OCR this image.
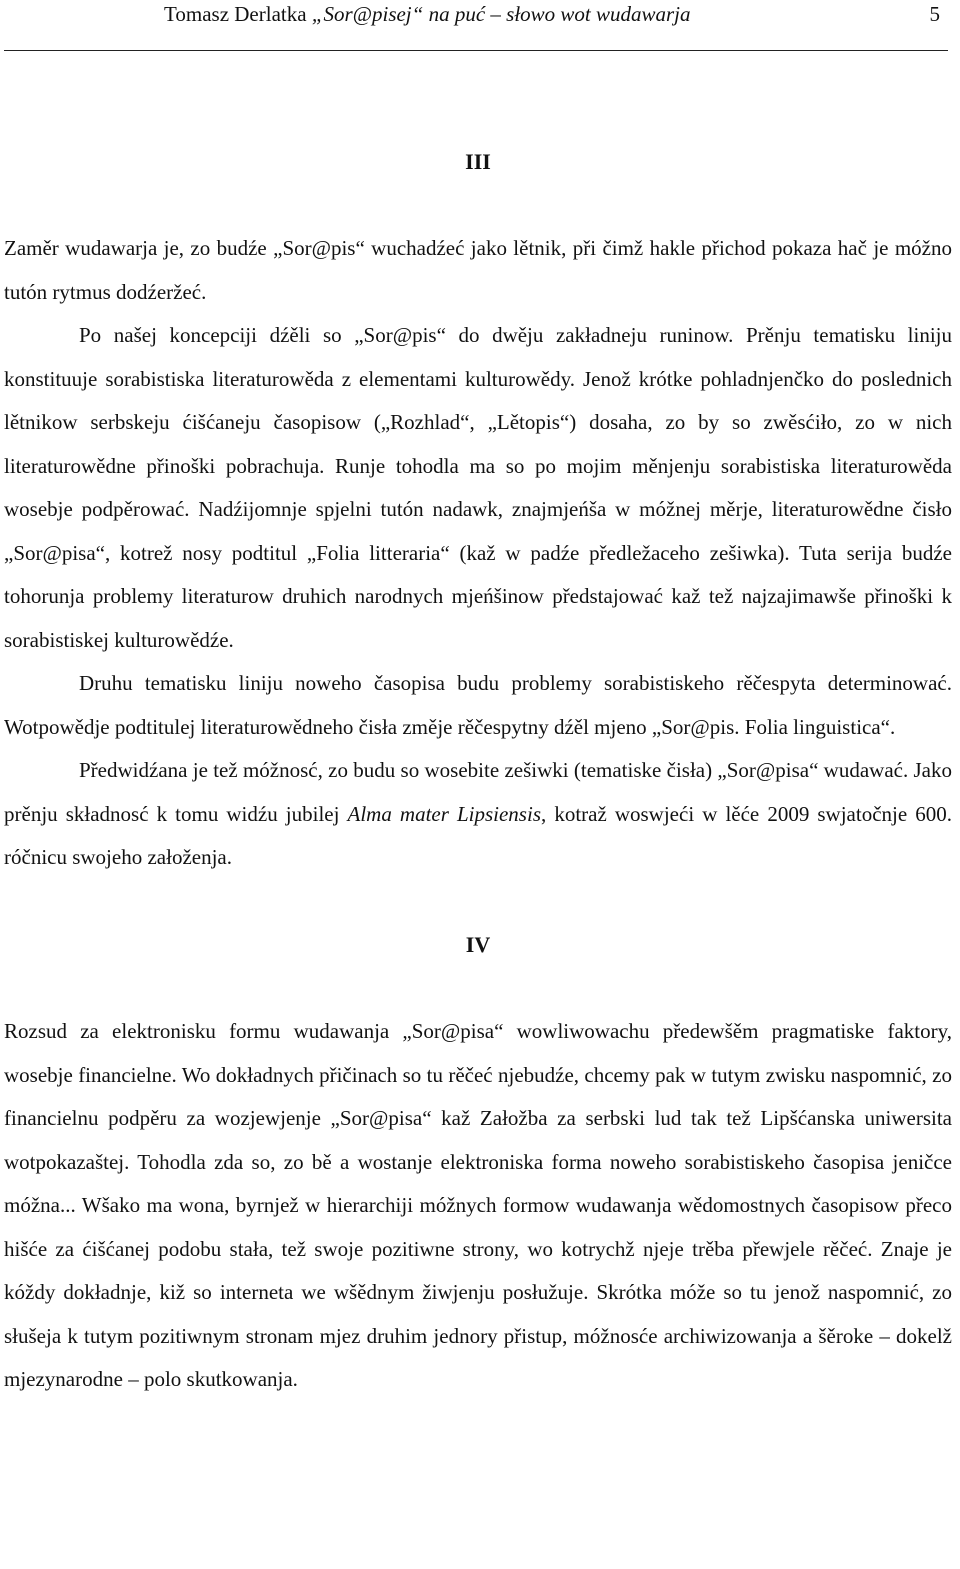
Tomasz Derlatka „Sor@pisej“ na puć – słowo wot wudawarja	5
III

Zaměr wudawarja je, zo budźe „Sor@pis“ wuchadźeć jako lětnik, při čimž hakle přichod pokaza hač je móžno tutón rytmus dodźeržeć.

Po našej koncepciji dźěli so „Sor@pis“ do dwěju zakładneju runinow. Prěnju tematisku liniju konstituuje sorabistiska literaturowěda z elementami kulturowědy. Jenož krótke pohladnjenčko do poslednich lětnikow serbskeju ćišćaneju časopisow („Rozhlad“, „Lětopis“) dosaha, zo by so zwěsćiło, zo w nich literaturowědne přinoški pobrachuja. Runje tohodla ma so po mojim měnjenju sorabistiska literaturowěda wosebje podpěrować. Nadźijomnje spjelni tutón nadawk, znajmjeńša w móžnej měrje, literaturowědne čisło „Sor@pisa“, kotrež nosy podtitul „Folia litteraria“ (kaž w padźe předležaceho zešiwka). Tuta serija budźe tohorunja problemy literaturow druhich narodnych mjeńšinow předstajować kaž tež najzajimawše přinoški k sorabistiskej kulturowědźe.

Druhu tematisku liniju noweho časopisa budu problemy sorabistiskeho rěčespyta determinować. Wotpowědje podtitulej literaturowědneho čisła změje rěčespytny dźěl mjeno „Sor@pis. Folia linguistica“.

Předwidźana je tež móžnosć, zo budu so wosebite zešiwki (tematiske čisła) „Sor@pisa“ wudawać. Jako prěnju składnosć k tomu widźu jubilej Alma mater Lipsiensis, kotraž woswjeći w lěće 2009 swjatočnje 600. róčnicu swojeho załoženja.

IV

Rozsud za elektronisku formu wudawanja „Sor@pisa“ wowliwowachu předewšěm pragmatiske faktory, wosebje financielne. Wo dokładnych přičinach so tu rěčeć njebudźe, chcemy pak w tutym zwisku naspomnić, zo financielnu podpěru za wozjewjenje „Sor@pisa“ kaž Załožba za serbski lud tak tež Lipšćanska uniwersita wotpokazaštej. Tohodla zda so, zo bě a wostanje elektroniska forma noweho sorabistiskeho časopisa jeničce móžna... Wšako ma wona, byrnjež w hierarchiji móžnych formow wudawanja wědomostnych časopisow přeco hišće za ćišćanej podobu stała, tež swoje pozitiwne strony, wo kotrychž njeje trěba přewjele rěčeć. Znaje je kóždy dokładnje, kiž so interneta we wšědnym žiwjenju posłužuje. Skrótka móže so tu jenož naspomnić, zo słušeja k tutym pozitiwnym stronam mjez druhim jednory přistup, móžnosće archiwizowanja a šěroke – dokelž mjezynarodne – polo skutkowanja.
